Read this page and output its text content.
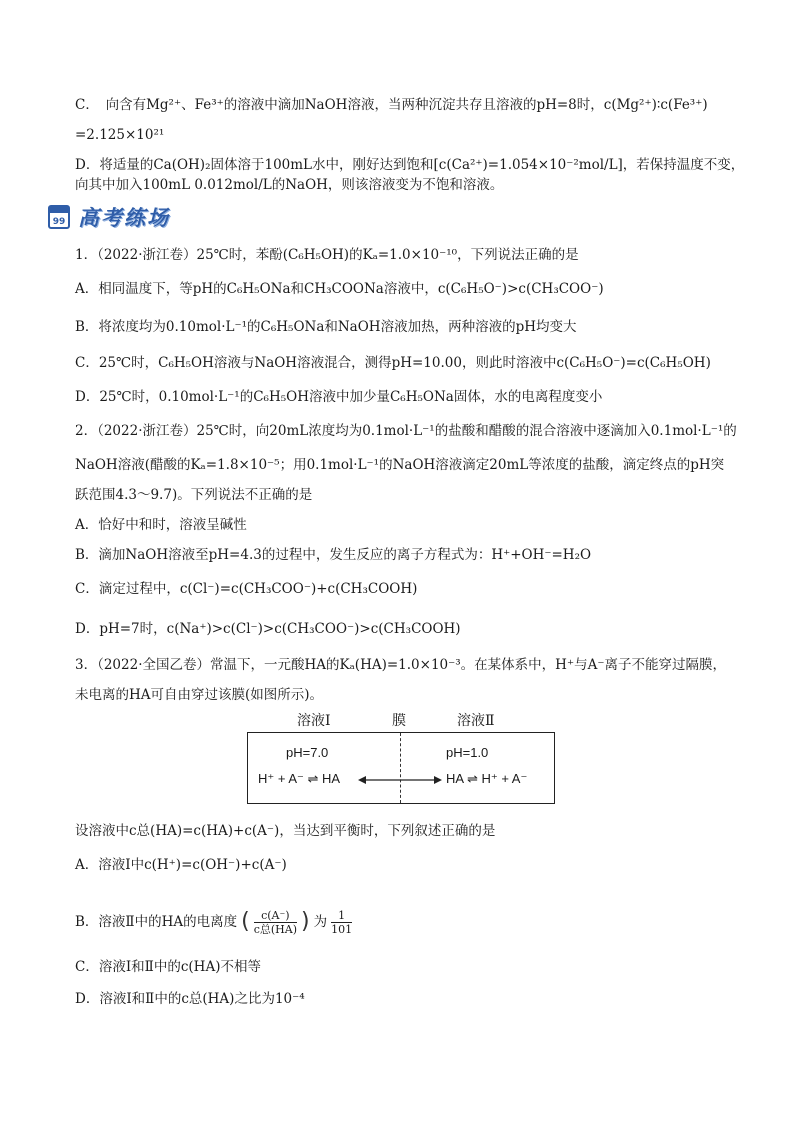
C．　向含有Mg²⁺、Fe³⁺的溶液中滴加NaOH溶液，当两种沉淀共存且溶液的pH=8时，c(Mg²⁺)∶c(Fe³⁺)
=2.125×10²¹
D．将适量的Ca(OH)₂固体溶于100mL水中，刚好达到饱和[c(Ca²⁺)=1.054×10⁻²mol/L]，若保持温度不变，
向其中加入100mL 0.012mol/L的NaOH，则该溶液变为不饱和溶液。
99 高考练场
1．（2022·浙江卷）25℃时，苯酚(C₆H₅OH)的Kₐ=1.0×10⁻¹⁰，下列说法正确的是
A．相同温度下，等pH的C₆H₅ONa和CH₃COONa溶液中，c(C₆H₅O⁻)>c(CH₃COO⁻)
B．将浓度均为0.10mol·L⁻¹的C₆H₅ONa和NaOH溶液加热，两种溶液的pH均变大
C．25℃时，C₆H₅OH溶液与NaOH溶液混合，测得pH=10.00，则此时溶液中c(C₆H₅O⁻)=c(C₆H₅OH)
D．25℃时，0.10mol·L⁻¹的C₆H₅OH溶液中加少量C₆H₅ONa固体，水的电离程度变小
2．（2022·浙江卷）25℃时，向20mL浓度均为0.1mol·L⁻¹的盐酸和醋酸的混合溶液中逐滴加入0.1mol·L⁻¹的
NaOH溶液(醋酸的Kₐ=1.8×10⁻⁵；用0.1mol·L⁻¹的NaOH溶液滴定20mL等浓度的盐酸，滴定终点的pH突
跃范围4.3～9.7)。下列说法不正确的是
A．恰好中和时，溶液呈碱性
B．滴加NaOH溶液至pH=4.3的过程中，发生反应的离子方程式为：H⁺+OH⁻=H₂O
C．滴定过程中，c(Cl⁻)=c(CH₃COO⁻)+c(CH₃COOH)
D．pH=7时，c(Na⁺)>c(Cl⁻)>c(CH₃COO⁻)>c(CH₃COOH)
3．（2022·全国乙卷）常温下，一元酸HA的Kₐ(HA)=1.0×10⁻³。在某体系中，H⁺与A⁻离子不能穿过隔膜，
未电离的HA可自由穿过该膜(如图所示)。
溶液Ⅰ	膜	溶液Ⅱ
pH=7.0	pH=1.0
H⁺ + A⁻ ⇌ HA	HA ⇌ H⁺ + A⁻
设溶液中c总(HA)=c(HA)+c(A⁻)，当达到平衡时，下列叙述正确的是
A．溶液Ⅰ中c(H⁺)=c(OH⁻)+c(A⁻)
B．溶液Ⅱ中的HA的电离度 ( $\frac{c(A^-)}{\text{c总(HA)}}$ ) 为 $\frac{1}{101}$
C．溶液Ⅰ和Ⅱ中的c(HA)不相等
D．溶液Ⅰ和Ⅱ中的c总(HA)之比为10⁻⁴
